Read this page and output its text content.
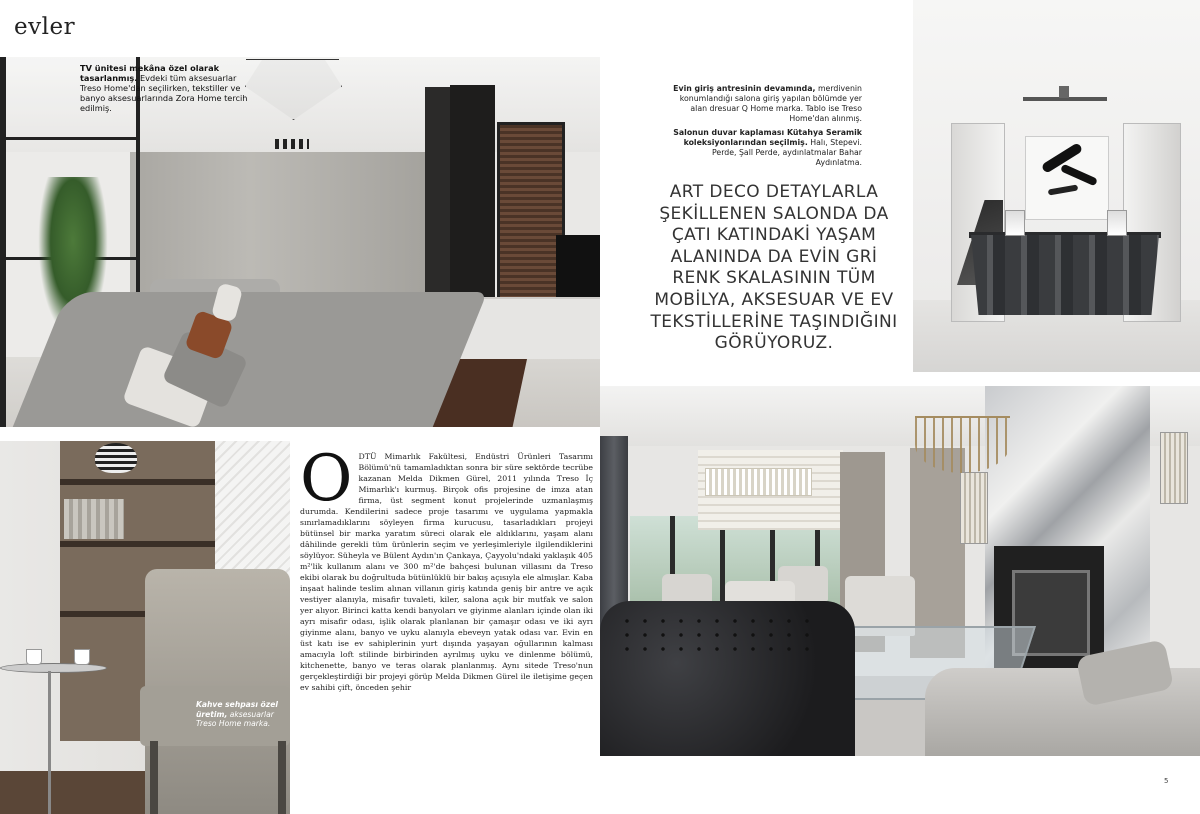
evler
TV ünitesi mekâna özel olarak tasarlanmış. Evdeki tüm aksesuarlar Treso Home'dan seçilirken, tekstiller ve banyo aksesuarlarında Zora Home tercih edilmiş.

Evin giriş antresinin devamında, merdivenin konumlandığı salona giriş yapılan bölümde yer alan dresuar Q Home marka. Tablo ise Treso Home'dan alınmış.

Salonun duvar kaplaması Kütahya Seramik koleksiyonlarından seçilmiş. Halı, Stepevi. Perde, Şall Perde, aydınlatmalar Bahar Aydınlatma.

ART DECO DETAYLARLA ŞEKİLLENEN SALONDA DA ÇATI KATINDAKİ YAŞAM ALANINDA DA EVİN GRİ RENK SKALASININ TÜM MOBİLYA, AKSESUAR VE EV TEKSTİLLERİNE TAŞINDIĞINI GÖRÜYORUZ.
Kahve sehpası özel üretim, aksesuarlar Treso Home marka.
O DTÜ Mimarlık Fakültesi, Endüstri Ürünleri Tasarımı Bölümü'nü tamamladıktan sonra bir süre sektörde tecrübe kazanan Melda Dikmen Gürel, 2011 yılında Treso İç Mimarlık'ı kurmuş. Birçok ofis projesine de imza atan firma, üst segment konut projelerinde uzmanlaşmış durumda. Kendilerini sadece proje tasarımı ve uygulama yapmakla sınırlamadıklarını söyleyen firma kurucusu, tasarladıkları projeyi bütünsel bir marka yaratım süreci olarak ele aldıklarını, yaşam alanı dâhilinde gerekli tüm ürünlerin seçim ve yerleşimleriyle ilgilendiklerini söylüyor. Süheyla ve Bülent Aydın'ın Çankaya, Çayyolu'ndaki yaklaşık 405 m²'lik kullanım alanı ve 300 m²'de bahçesi bulunan villasını da Treso ekibi olarak bu doğrultuda bütünlüklü bir bakış açısıyla ele almışlar. Kaba inşaat halinde teslim alınan villanın giriş katında geniş bir antre ve açık vestiyer alanıyla, misafir tuvaleti, kiler, salona açık bir mutfak ve salon yer alıyor. Birinci katta kendi banyoları ve giyinme alanları içinde olan iki ayrı misafir odası, işlik olarak planlanan bir çamaşır odası ve iki ayrı giyinme alanı, banyo ve uyku alanıyla ebeveyn yatak odası var. Evin en üst katı ise ev sahiplerinin yurt dışında yaşayan oğullarının kalması amacıyla loft stilinde birbirinden ayrılmış uyku ve dinlenme bölümü, kitchenette, banyo ve teras olarak planlanmış. Aynı sitede Treso'nun gerçekleştirdiği bir projeyi görüp Melda Dikmen Gürel ile iletişime geçen ev sahibi çift, önceden şehir

5
